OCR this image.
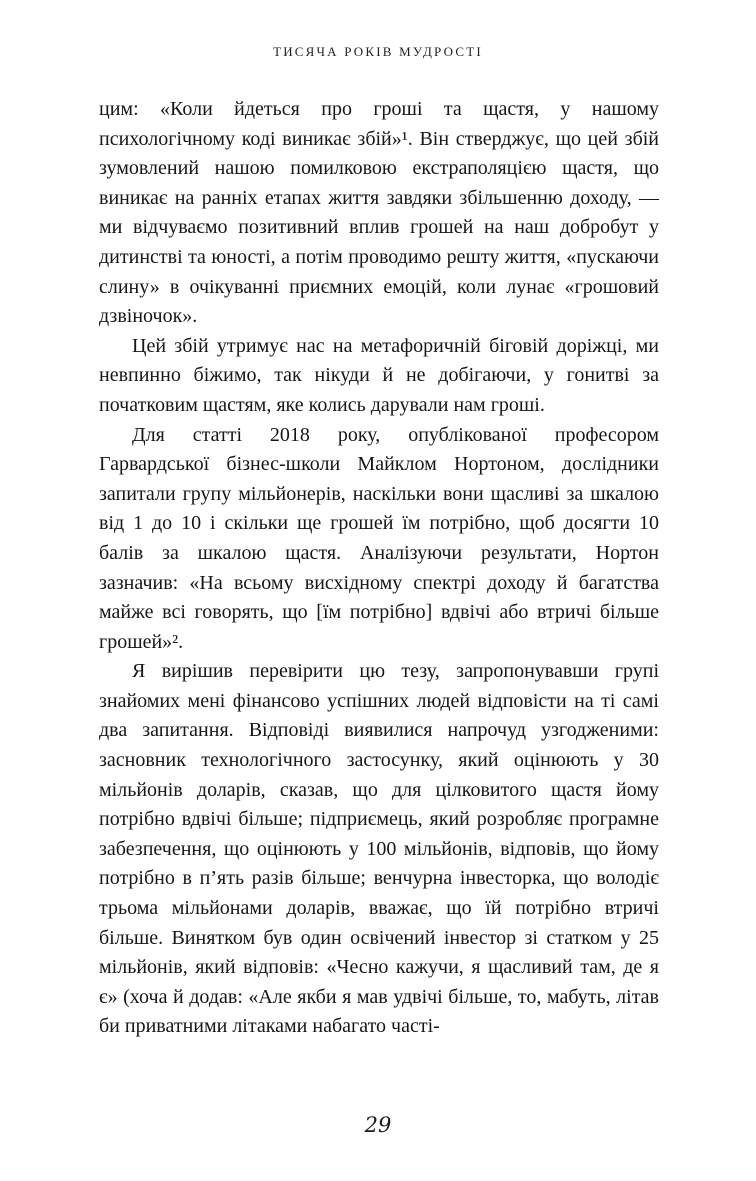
ТИСЯЧА РОКІВ МУДРОСТІ

цим: «Коли йдеться про гроші та щастя, у нашому психологічному коді виникає збій»¹. Він стверджує, що цей збій зумовлений нашою помилковою екстраполяцією щастя, що виникає на ранніх етапах життя завдяки збільшенню доходу, — ми відчуваємо позитивний вплив грошей на наш добробут у дитинстві та юності, а потім проводимо решту життя, «пускаючи слину» в очікуванні приємних емоцій, коли лунає «грошовий дзвіночок».

Цей збій утримує нас на метафоричній біговій доріжці, ми невпинно біжимо, так нікуди й не добігаючи, у гонитві за початковим щастям, яке колись дарували нам гроші.

Для статті 2018 року, опублікованої професором Гарвардської бізнес-школи Майклом Нортоном, дослідники запитали групу мільйонерів, наскільки вони щасливі за шкалою від 1 до 10 і скільки ще грошей їм потрібно, щоб досягти 10 балів за шкалою щастя. Аналізуючи результати, Нортон зазначив: «На всьому висхідному спектрі доходу й багатства майже всі говорять, що [їм потрібно] вдвічі або втричі більше грошей»².

Я вирішив перевірити цю тезу, запропонувавши групі знайомих мені фінансово успішних людей відповісти на ті самі два запитання. Відповіді виявилися напрочуд узгодженими: засновник технологічного застосунку, який оцінюють у 30 мільйонів доларів, сказав, що для цілковитого щастя йому потрібно вдвічі більше; підприємець, який розробляє програмне забезпечення, що оцінюють у 100 мільйонів, відповів, що йому потрібно в п’ять разів більше; венчурна інвесторка, що володіє трьома мільйонами доларів, вважає, що їй потрібно втричі більше. Винятком був один освічений інвестор зі статком у 25 мільйонів, який відповів: «Чесно кажучи, я щасливий там, де я є» (хоча й додав: «Але якби я мав удвічі більше, то, мабуть, літав би приватними літаками набагато часті-

29
